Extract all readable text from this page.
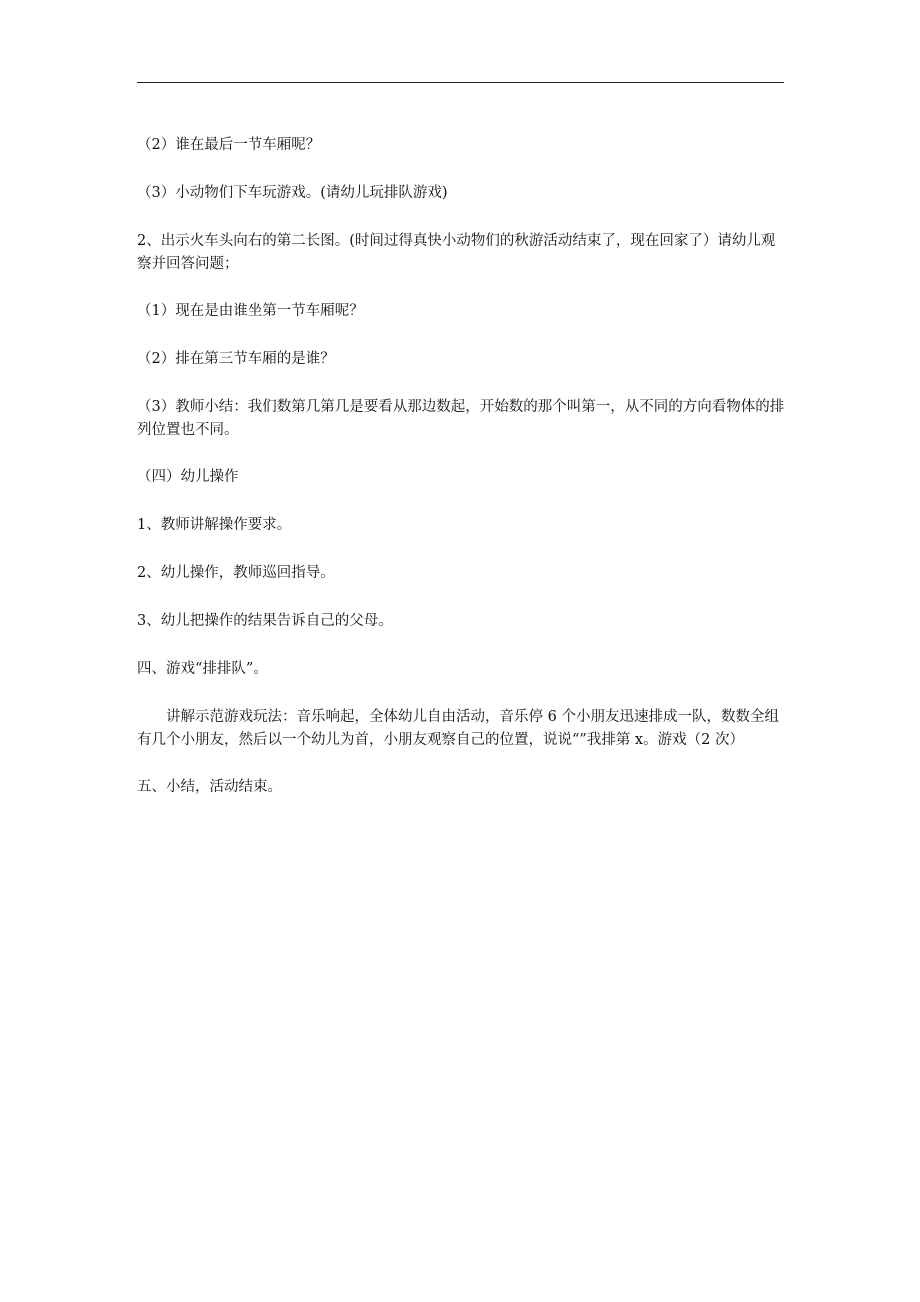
（2）谁在最后一节车厢呢？

（3）小动物们下车玩游戏。(请幼儿玩排队游戏)

2、出示火车头向右的第二长图。(时间过得真快小动物们的秋游活动结束了，现在回家了）请幼儿观察并回答问题；

（1）现在是由谁坐第一节车厢呢？

（2）排在第三节车厢的是谁？

（3）教师小结：我们数第几第几是要看从那边数起，开始数的那个叫第一，从不同的方向看物体的排列位置也不同。

（四）幼儿操作

1、教师讲解操作要求。

2、幼儿操作，教师巡回指导。

3、幼儿把操作的结果告诉自己的父母。

四、游戏“排排队”。

讲解示范游戏玩法：音乐响起，全体幼儿自由活动，音乐停 6 个小朋友迅速排成一队，数数全组有几个小朋友，然后以一个幼儿为首，小朋友观察自己的位置，说说“”我排第 x。游戏（2 次）

五、小结，活动结束。
